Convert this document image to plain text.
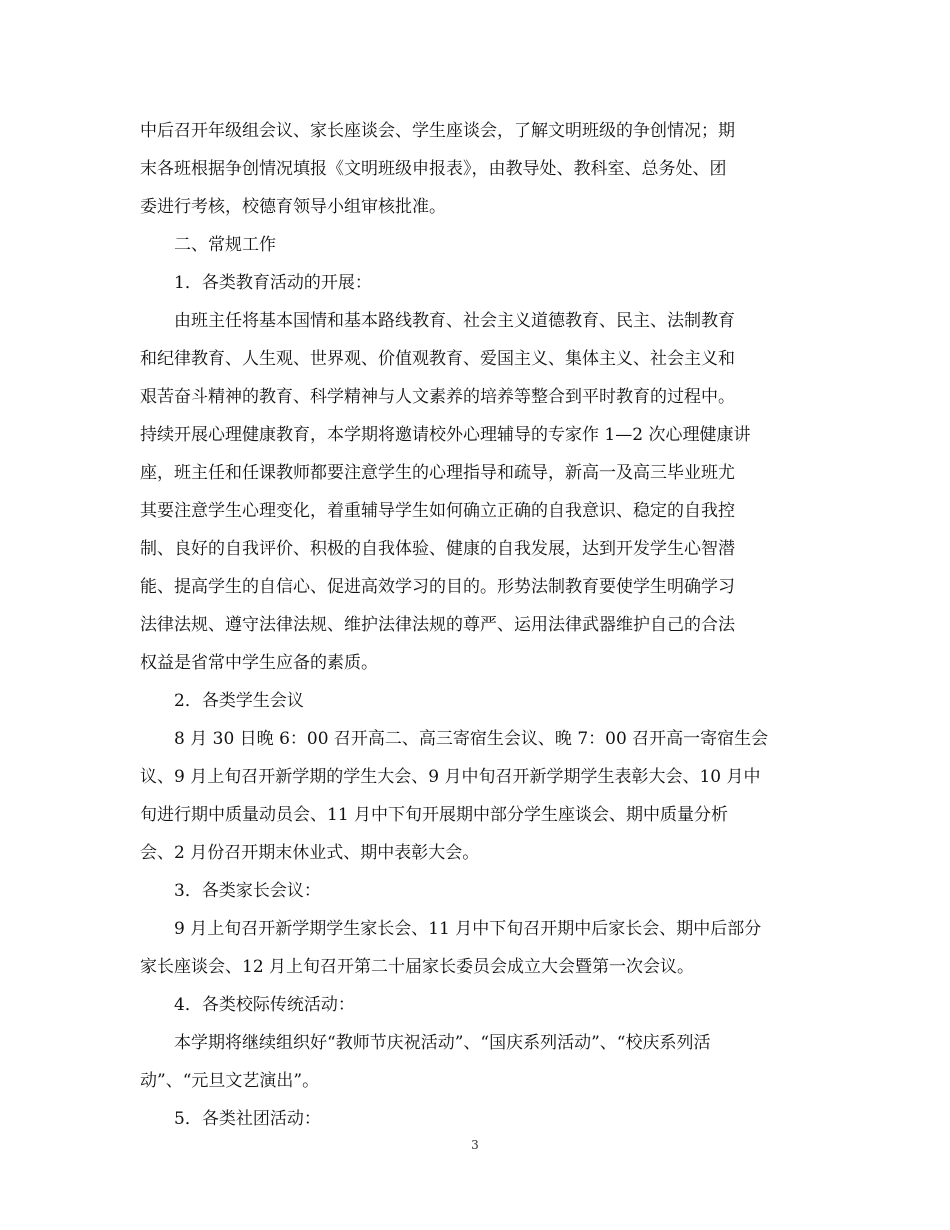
中后召开年级组会议、家长座谈会、学生座谈会，了解文明班级的争创情况；期
末各班根据争创情况填报《文明班级申报表》，由教导处、教科室、总务处、团
委进行考核，校德育领导小组审核批准。
二、常规工作
1．各类教育活动的开展：
由班主任将基本国情和基本路线教育、社会主义道德教育、民主、法制教育
和纪律教育、人生观、世界观、价值观教育、爱国主义、集体主义、社会主义和
艰苦奋斗精神的教育、科学精神与人文素养的培养等整合到平时教育的过程中。
持续开展心理健康教育，本学期将邀请校外心理辅导的专家作 1—2 次心理健康讲
座，班主任和任课教师都要注意学生的心理指导和疏导，新高一及高三毕业班尤
其要注意学生心理变化，着重辅导学生如何确立正确的自我意识、稳定的自我控
制、良好的自我评价、积极的自我体验、健康的自我发展，达到开发学生心智潜
能、提高学生的自信心、促进高效学习的目的。形势法制教育要使学生明确学习
法律法规、遵守法律法规、维护法律法规的尊严、运用法律武器维护自己的合法
权益是省常中学生应备的素质。
2．各类学生会议
8 月 30 日晚 6：00 召开高二、高三寄宿生会议、晚 7：00 召开高一寄宿生会
议、9 月上旬召开新学期的学生大会、9 月中旬召开新学期学生表彰大会、10 月中
旬进行期中质量动员会、11 月中下旬开展期中部分学生座谈会、期中质量分析
会、2 月份召开期末休业式、期中表彰大会。
3．各类家长会议：
9 月上旬召开新学期学生家长会、11 月中下旬召开期中后家长会、期中后部分
家长座谈会、12 月上旬召开第二十届家长委员会成立大会暨第一次会议。
4．各类校际传统活动：
本学期将继续组织好“教师节庆祝活动”、“国庆系列活动”、“校庆系列活
动”、“元旦文艺演出”。
5．各类社团活动：
3
